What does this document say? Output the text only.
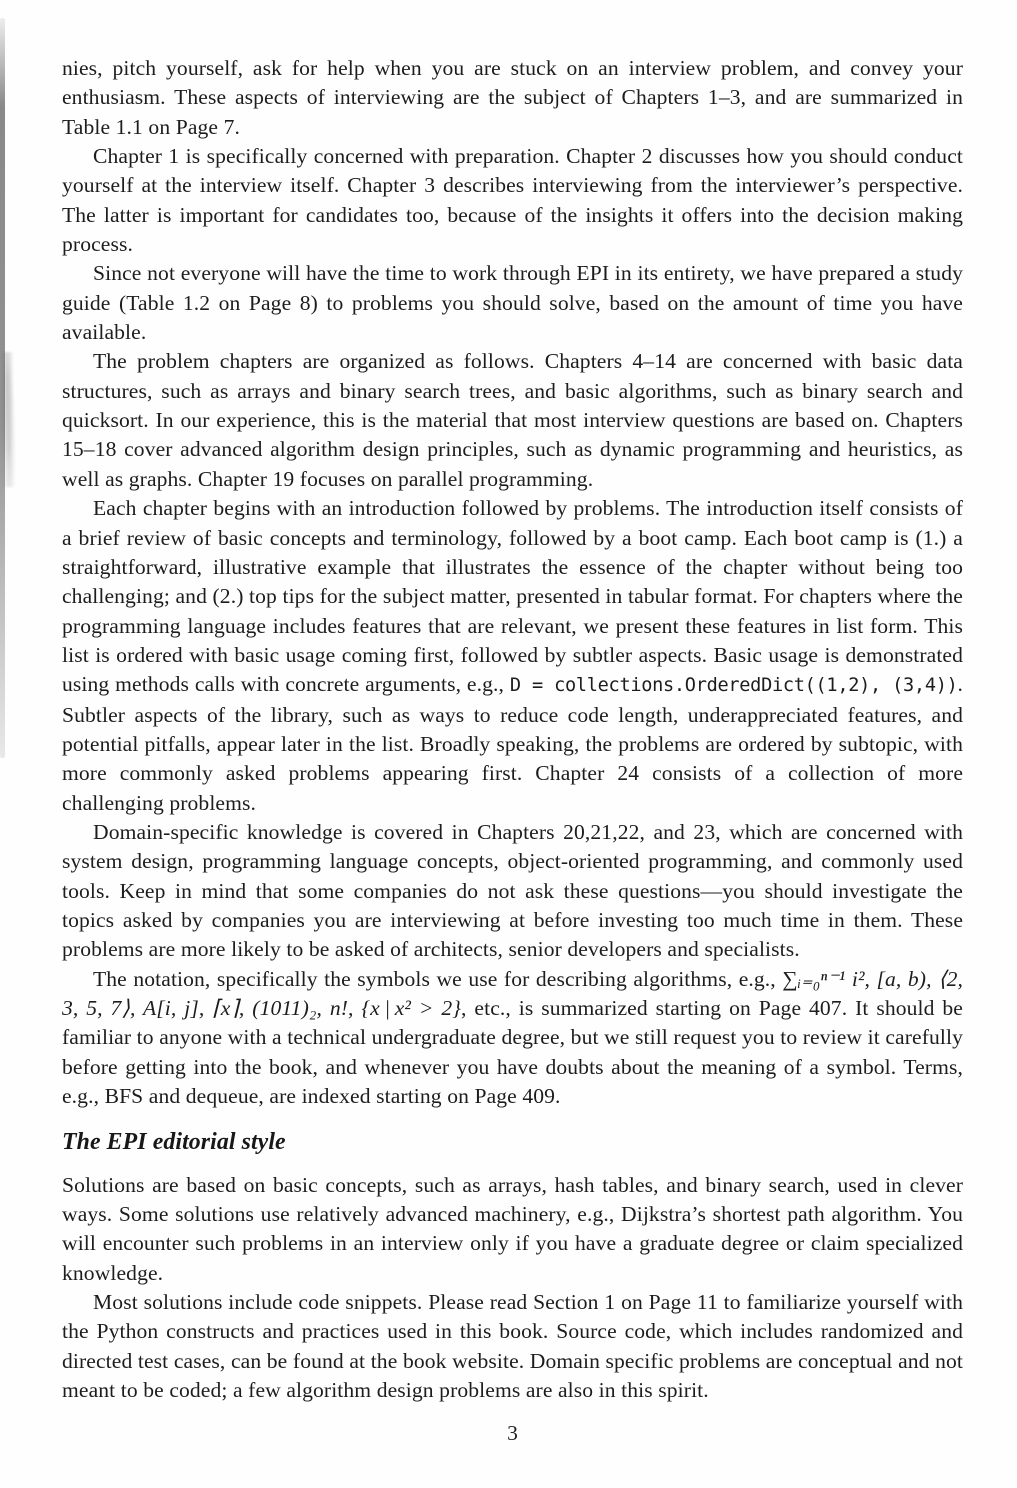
nies, pitch yourself, ask for help when you are stuck on an interview problem, and convey your enthusiasm. These aspects of interviewing are the subject of Chapters 1–3, and are summarized in Table 1.1 on Page 7.

Chapter 1 is specifically concerned with preparation. Chapter 2 discusses how you should conduct yourself at the interview itself. Chapter 3 describes interviewing from the interviewer’s perspective. The latter is important for candidates too, because of the insights it offers into the decision making process.

Since not everyone will have the time to work through EPI in its entirety, we have prepared a study guide (Table 1.2 on Page 8) to problems you should solve, based on the amount of time you have available.

The problem chapters are organized as follows. Chapters 4–14 are concerned with basic data structures, such as arrays and binary search trees, and basic algorithms, such as binary search and quicksort. In our experience, this is the material that most interview questions are based on. Chapters 15–18 cover advanced algorithm design principles, such as dynamic programming and heuristics, as well as graphs. Chapter 19 focuses on parallel programming.

Each chapter begins with an introduction followed by problems. The introduction itself consists of a brief review of basic concepts and terminology, followed by a boot camp. Each boot camp is (1.) a straightforward, illustrative example that illustrates the essence of the chapter without being too challenging; and (2.) top tips for the subject matter, presented in tabular format. For chapters where the programming language includes features that are relevant, we present these features in list form. This list is ordered with basic usage coming first, followed by subtler aspects. Basic usage is demonstrated using methods calls with concrete arguments, e.g., D = collections.OrderedDict((1,2), (3,4)). Subtler aspects of the library, such as ways to reduce code length, underappreciated features, and potential pitfalls, appear later in the list. Broadly speaking, the problems are ordered by subtopic, with more commonly asked problems appearing first. Chapter 24 consists of a collection of more challenging problems.

Domain-specific knowledge is covered in Chapters 20,21,22, and 23, which are concerned with system design, programming language concepts, object-oriented programming, and commonly used tools. Keep in mind that some companies do not ask these questions—you should investigate the topics asked by companies you are interviewing at before investing too much time in them. These problems are more likely to be asked of architects, senior developers and specialists.

The notation, specifically the symbols we use for describing algorithms, e.g., ∑ᵢ₌₀ⁿ⁻¹ i², [a, b), ⟨2, 3, 5, 7⟩, A[i, j], ⌈x⌉, (1011)₂, n!, {x | x² > 2}, etc., is summarized starting on Page 407. It should be familiar to anyone with a technical undergraduate degree, but we still request you to review it carefully before getting into the book, and whenever you have doubts about the meaning of a symbol. Terms, e.g., BFS and dequeue, are indexed starting on Page 409.

The EPI editorial style

Solutions are based on basic concepts, such as arrays, hash tables, and binary search, used in clever ways. Some solutions use relatively advanced machinery, e.g., Dijkstra’s shortest path algorithm. You will encounter such problems in an interview only if you have a graduate degree or claim specialized knowledge.

Most solutions include code snippets. Please read Section 1 on Page 11 to familiarize yourself with the Python constructs and practices used in this book. Source code, which includes randomized and directed test cases, can be found at the book website. Domain specific problems are conceptual and not meant to be coded; a few algorithm design problems are also in this spirit.

3
